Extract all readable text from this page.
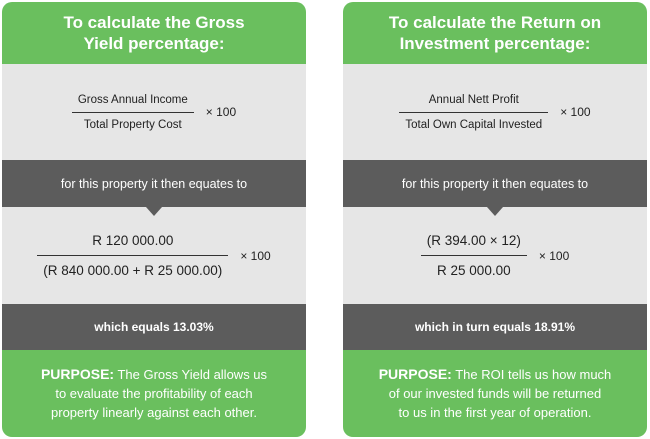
To calculate the Gross
Yield percentage:
$\frac{\text{Gross Annual Income}}{\text{Total Property Cost}} \times 100$
for this property it then equates to
$\frac{R 120 000.00}{(R 840 000.00 + R 25 000.00)} \times 100$
which equals 13.03%
PURPOSE: The Gross Yield allows us
to evaluate the profitability of each
property linearly against each other.
To calculate the Return on
Investment percentage:
$\frac{\text{Annual Nett Profit}}{\text{Total Own Capital Invested}} \times 100$
for this property it then equates to
$\frac{(R 394.00 \times 12)}{R 25 000.00} \times 100$
which in turn equals 18.91%
PURPOSE: The ROI tells us how much
of our invested funds will be returned
to us in the first year of operation.
